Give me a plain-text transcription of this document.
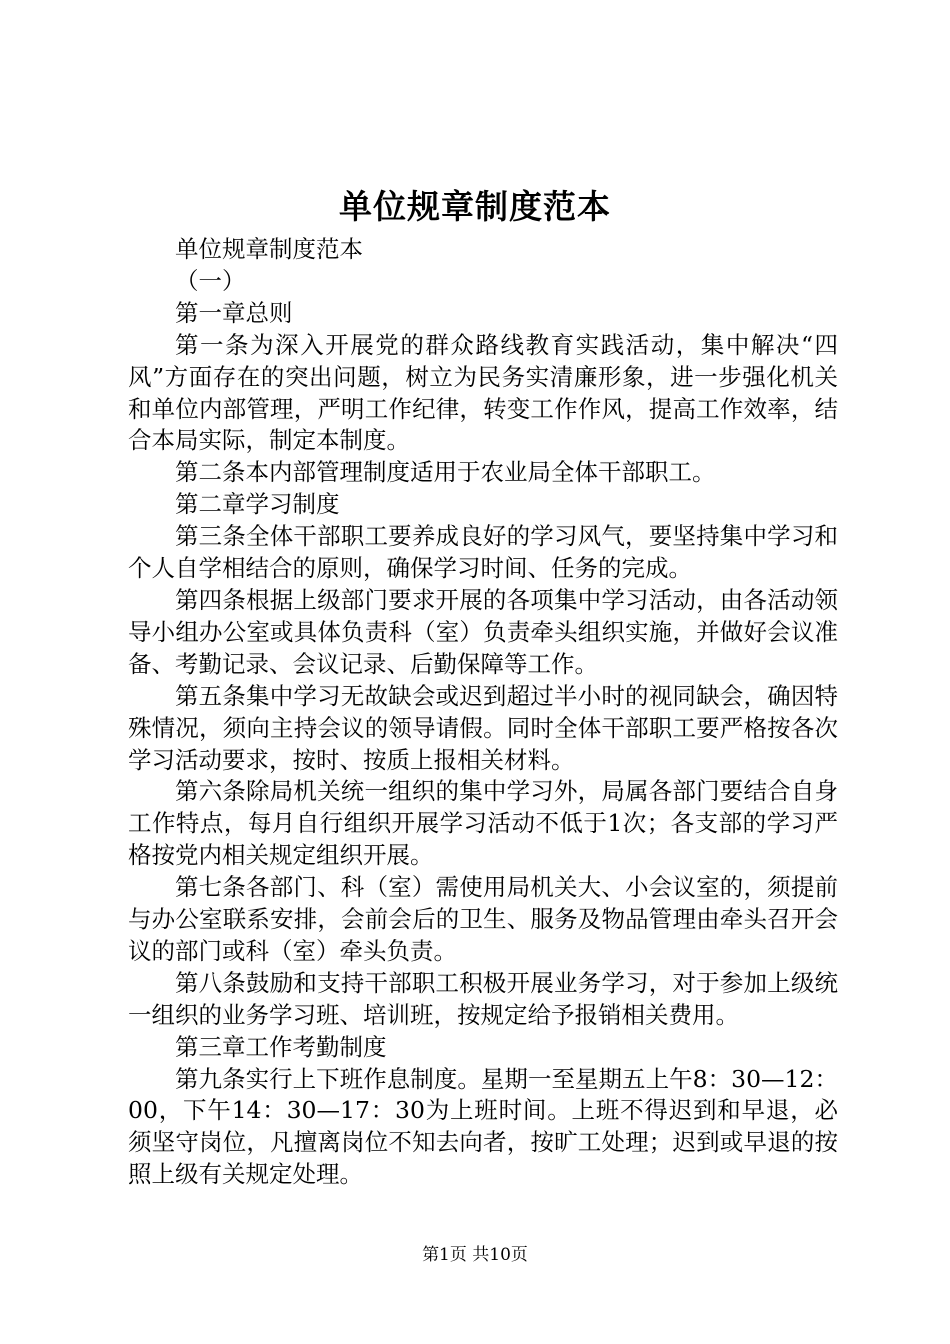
单位规章制度范本

单位规章制度范本

（一）

第一章总则

第一条为深入开展党的群众路线教育实践活动，集中解决“四风”方面存在的突出问题，树立为民务实清廉形象，进一步强化机关和单位内部管理，严明工作纪律，转变工作作风，提高工作效率，结合本局实际，制定本制度。

第二条本内部管理制度适用于农业局全体干部职工。

第二章学习制度

第三条全体干部职工要养成良好的学习风气，要坚持集中学习和个人自学相结合的原则，确保学习时间、任务的完成。

第四条根据上级部门要求开展的各项集中学习活动，由各活动领导小组办公室或具体负责科（室）负责牵头组织实施，并做好会议准备、考勤记录、会议记录、后勤保障等工作。

第五条集中学习无故缺会或迟到超过半小时的视同缺会，确因特殊情况，须向主持会议的领导请假。同时全体干部职工要严格按各次学习活动要求，按时、按质上报相关材料。

第六条除局机关统一组织的集中学习外，局属各部门要结合自身工作特点，每月自行组织开展学习活动不低于1次；各支部的学习严格按党内相关规定组织开展。

第七条各部门、科（室）需使用局机关大、小会议室的，须提前与办公室联系安排，会前会后的卫生、服务及物品管理由牵头召开会议的部门或科（室）牵头负责。

第八条鼓励和支持干部职工积极开展业务学习，对于参加上级统一组织的业务学习班、培训班，按规定给予报销相关费用。

第三章工作考勤制度

第九条实行上下班作息制度。星期一至星期五上午8：30—12：00，下午14：30—17：30为上班时间。上班不得迟到和早退，必须坚守岗位，凡擅离岗位不知去向者，按旷工处理；迟到或早退的按照上级有关规定处理。

第1页 共10页
